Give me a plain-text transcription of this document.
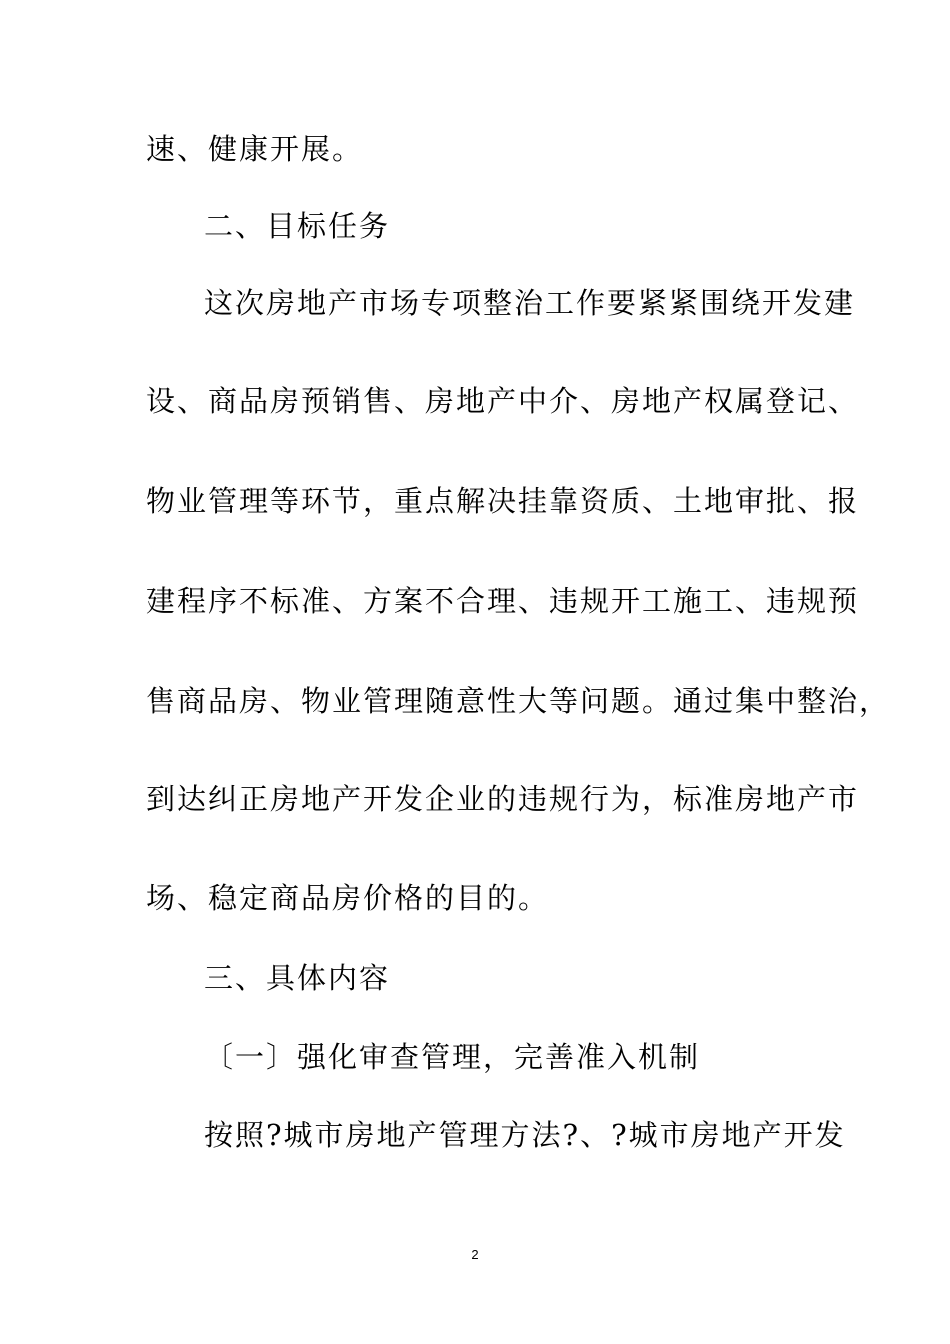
速、健康开展。
二、目标任务
这次房地产市场专项整治工作要紧紧围绕开发建
设、商品房预销售、房地产中介、房地产权属登记、
物业管理等环节，重点解决挂靠资质、土地审批、报
建程序不标准、方案不合理、违规开工施工、违规预
售商品房、物业管理随意性大等问题。通过集中整治，
到达纠正房地产开发企业的违规行为，标准房地产市
场、稳定商品房价格的目的。
三、具体内容
〔一〕强化审查管理，完善准入机制
按照?城市房地产管理方法?、?城市房地产开发
2
